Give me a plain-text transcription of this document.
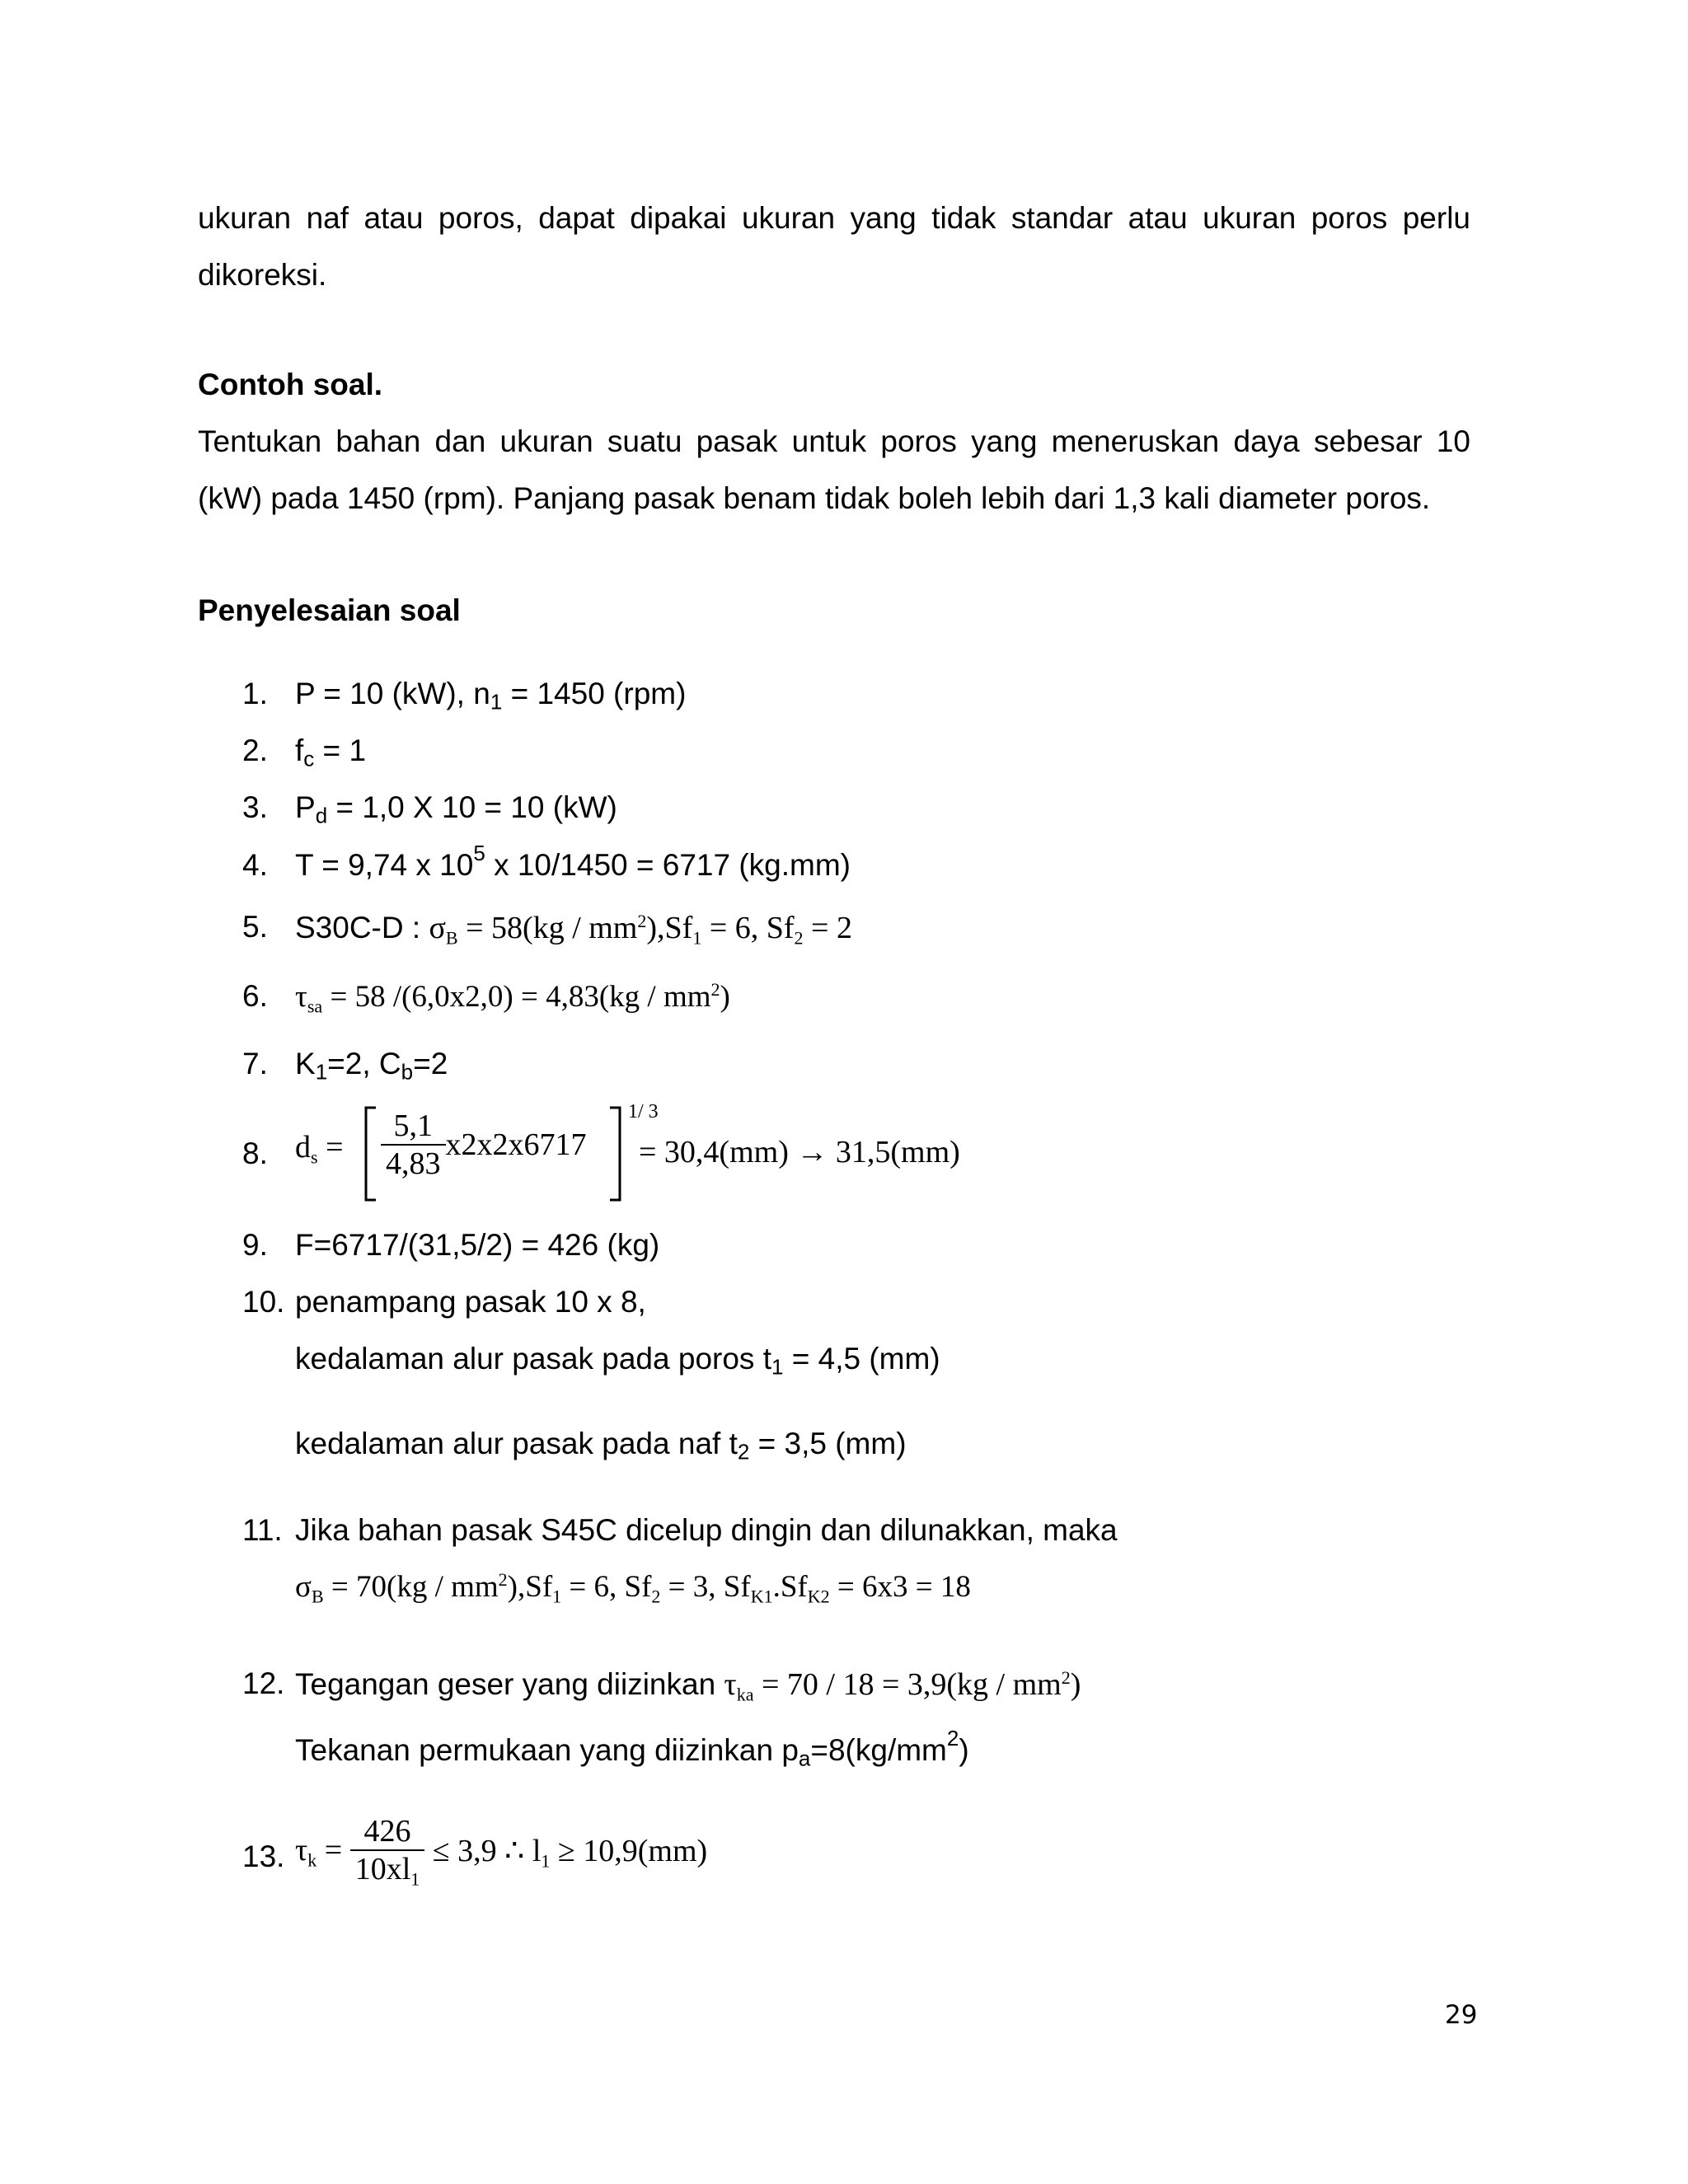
ukuran naf atau poros, dapat dipakai ukuran yang tidak standar atau ukuran poros perlu dikoreksi.
Contoh soal.
Tentukan bahan dan ukuran suatu pasak untuk poros yang meneruskan daya sebesar 10 (kW) pada 1450 (rpm). Panjang pasak benam tidak boleh lebih dari 1,3 kali diameter poros.
Penyelesaian soal
1. P = 10 (kW), $n_1 = 1450$ (rpm)
2. $f_c = 1$
3. $P_d = 1,0$ X 10 = 10 (kW)
4. T = 9,74 x $10^5$ x 10/1450 = 6717 (kg.mm)
5. S30C-D : $\sigma_B = 58(kg / mm^2),Sf_1 = 6$, $Sf_2 = 2$
6. $\tau_{sa} = 58$ $/(6,0x2,0) = 4,83(kg / mm^2)$
7. $K_1=2$, $C_b=2$
8. $d_s = \frac{5,1}{4,83} x2x2x6717$
1/ 3
= 30,4(mm) → 31,5(mm)
9. F=6717/(31,5/2) = 426 (kg)
10. penampang pasak 10 x 8,
kedalaman alur pasak pada poros $t_1 = 4,5$ (mm)
kedalaman alur pasak pada naf $t_2 = 3,5$ (mm)
11. Jika bahan pasak S45C dicelup dingin dan dilunakkan, maka
$\sigma_B = 70(kg / mm^2),Sf_1 = 6$, $Sf_2 = 3$, $Sf_{K1}.Sf_{K2} = 6x3 = 18$
12. Tegangan geser yang diizinkan $\tau_{ka} = 70 / 18 = 3,9(kg / mm^2)$
Tekanan permukaan yang diizinkan $p_a=8(kg/mm^2)$
13. $\tau_k = \frac{426}{10xl_1} \le 3,9$ ∴ $l_1 \ge 10,9(mm)$
29
